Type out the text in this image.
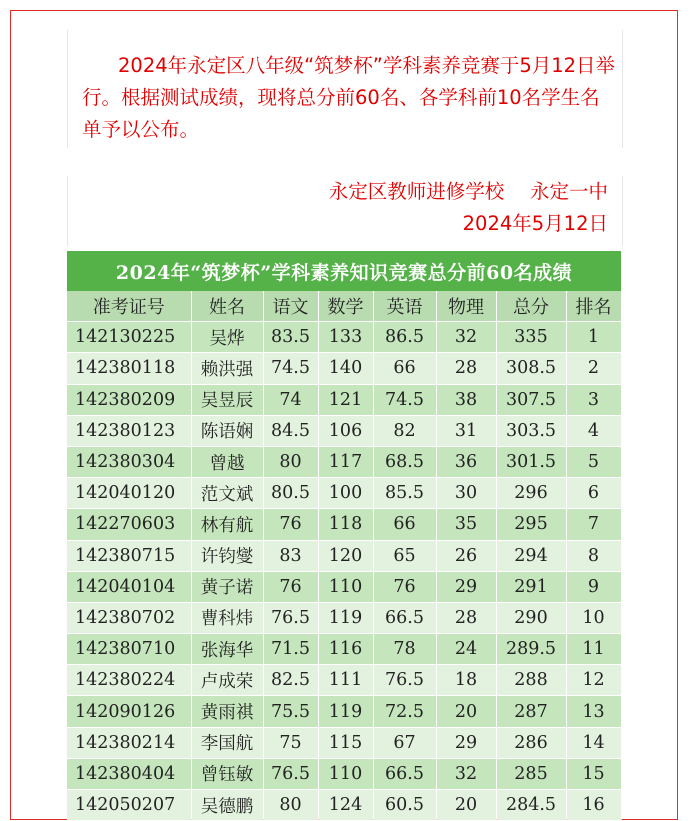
2024年永定区八年级“筑梦杯”学科素养竞赛于5月12日举行。根据测试成绩，现将总分前60名、各学科前10名学生名单予以公布。

永定区教师进修学校　 永定一中
2024年5月12日
2024年“筑梦杯”学科素养知识竞赛总分前60名成绩
准考证号	姓名	语文	数学	英语	物理	总分	排名
142130225	吴烨	83.5	133	86.5	32	335	1
142380118	赖洪强	74.5	140	66	28	308.5	2
142380209	吴昱辰	74	121	74.5	38	307.5	3
142380123	陈语娴	84.5	106	82	31	303.5	4
142380304	曾越	80	117	68.5	36	301.5	5
142040120	范文斌	80.5	100	85.5	30	296	6
142270603	林有航	76	118	66	35	295	7
142380715	许钧燮	83	120	65	26	294	8
142040104	黄子诺	76	110	76	29	291	9
142380702	曹科炜	76.5	119	66.5	28	290	10
142380710	张海华	71.5	116	78	24	289.5	11
142380224	卢成荣	82.5	111	76.5	18	288	12
142090126	黄雨祺	75.5	119	72.5	20	287	13
142380214	李国航	75	115	67	29	286	14
142380404	曾钰敏	76.5	110	66.5	32	285	15
142050207	吴德鹏	80	124	60.5	20	284.5	16
